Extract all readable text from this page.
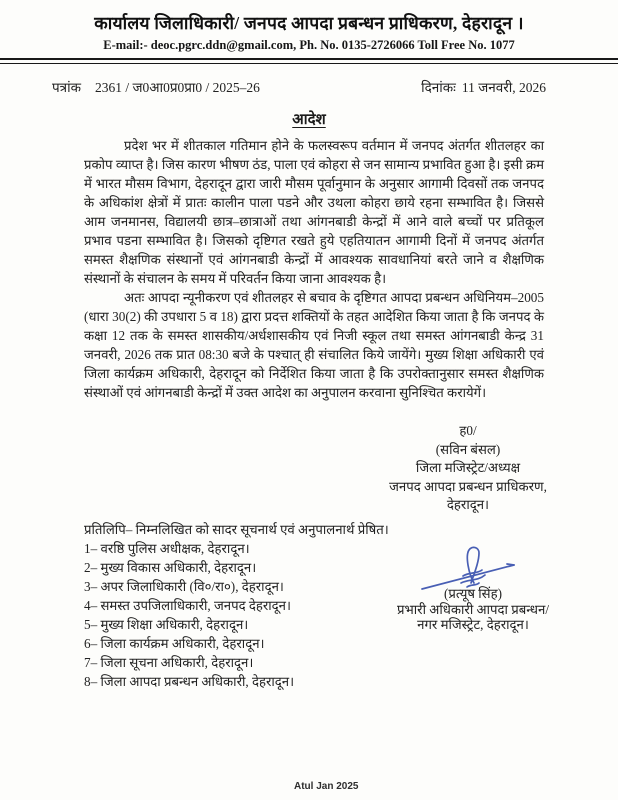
कार्यालय जिलाधिकारी/ जनपद आपदा प्रबन्धन प्राधिकरण, देहरादून ।
E-mail:- deoc.pgrc.ddn@gmail.com, Ph. No. 0135-2726066 Toll Free No. 1077
पत्रांक 2361 / ज0आ0प्र0प्रा0 / 2025–26	दिनांकः 11 जनवरी, 2026
आदेश

प्रदेश भर में शीतकाल गतिमान होने के फलस्वरूप वर्तमान में जनपद अंतर्गत शीतलहर का प्रकोप व्याप्त है। जिस कारण भीषण ठंड, पाला एवं कोहरा से जन सामान्य प्रभावित हुआ है। इसी क्रम में भारत मौसम विभाग, देहरादून द्वारा जारी मौसम पूर्वानुमान के अनुसार आगामी दिवसों तक जनपद के अधिकांश क्षेत्रों में प्रातः कालीन पाला पडने और उथला कोहरा छाये रहना सम्भावित है। जिससे आम जनमानस, विद्यालयी छात्र–छात्राओं तथा आंगनबाडी केन्द्रों में आने वाले बच्चों पर प्रतिकूल प्रभाव पडना सम्भावित है। जिसको दृष्टिगत रखते हुये एहतियातन आगामी दिनों में जनपद अंतर्गत समस्त शैक्षणिक संस्थानों एवं आंगनबाडी केन्द्रों में आवश्यक सावधानियां बरते जाने व शैक्षणिक संस्थानों के संचालन के समय में परिवर्तन किया जाना आवश्यक है।

अतः आपदा न्यूनीकरण एवं शीतलहर से बचाव के दृष्टिगत आपदा प्रबन्धन अधिनियम–2005 (धारा 30(2) की उपधारा 5 व 18) द्वारा प्रदत्त शक्तियों के तहत आदेशित किया जाता है कि जनपद के कक्षा 12 तक के समस्त शासकीय/अर्धशासकीय एवं निजी स्कूल तथा समस्त आंगनबाडी केन्द्र 31 जनवरी, 2026 तक प्रात 08:30 बजे के पश्चात् ही संचालित किये जायेंगे। मुख्य शिक्षा अधिकारी एवं जिला कार्यक्रम अधिकारी, देहरादून को निर्देशित किया जाता है कि उपरोक्तानुसार समस्त शैक्षणिक संस्थाओं एवं आंगनबाडी केन्द्रों में उक्त आदेश का अनुपालन करवाना सुनिश्चित करायेगें।

ह0/
(सविन बंसल)
जिला मजिस्ट्रेट/अध्यक्ष
जनपद आपदा प्रबन्धन प्राधिकरण,
देहरादून।
प्रतिलिपि– निम्नलिखित को सादर सूचनार्थ एवं अनुपालनार्थ प्रेषित।
1– वरष्ठि पुलिस अधीक्षक, देहरादून।
2– मुख्य विकास अधिकारी, देहरादून।
3– अपर जिलाधिकारी (वि०/रा०), देहरादून।
4– समस्त उपजिलाधिकारी, जनपद देहरादून।
5– मुख्य शिक्षा अधिकारी, देहरादून।
6– जिला कार्यक्रम अधिकारी, देहरादून।
7– जिला सूचना अधिकारी, देहरादून।
8– जिला आपदा प्रबन्धन अधिकारी, देहरादून।
(प्रत्यूष सिंह)
प्रभारी अधिकारी आपदा प्रबन्धन/
नगर मजिस्ट्रेट, देहरादून।
Atul Jan 2025
